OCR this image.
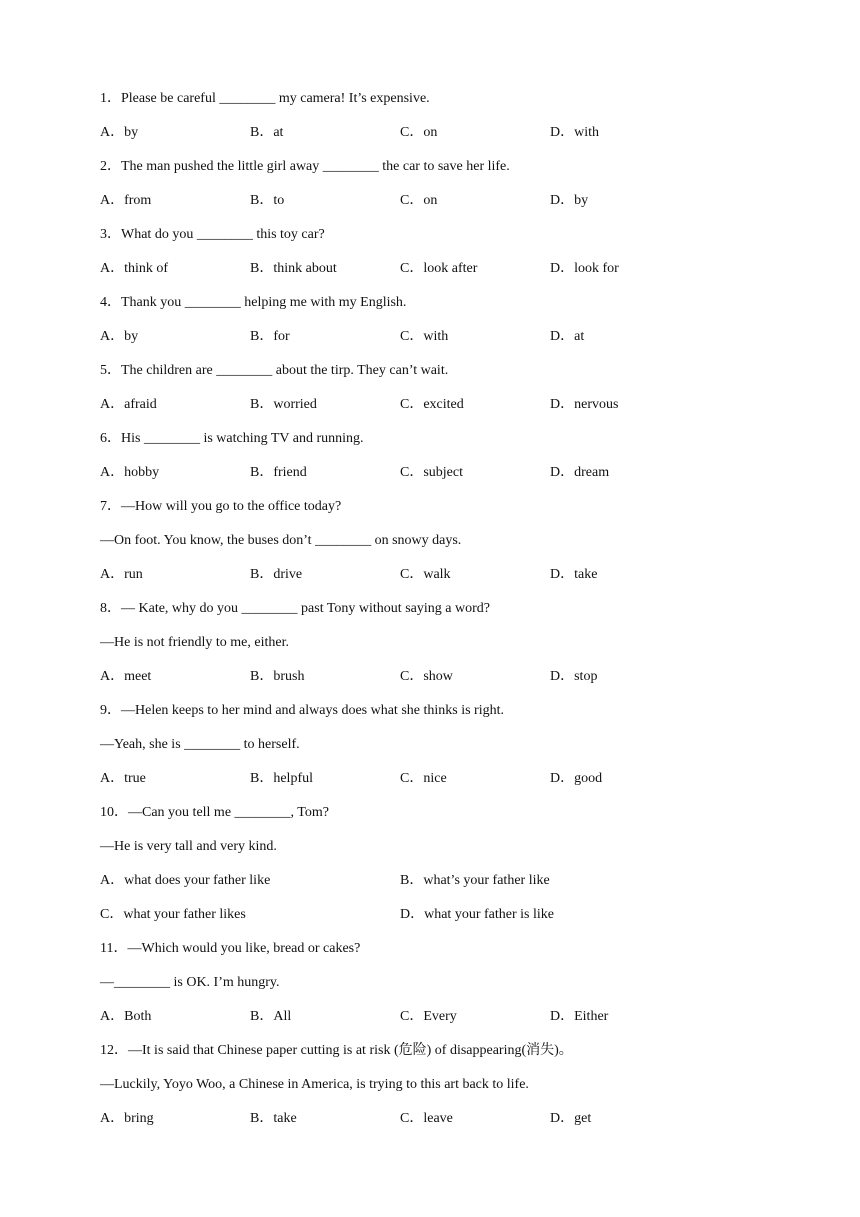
1．Please be careful ________ my camera! It’s expensive.
A．by	B．at	C．on	D．with
2．The man pushed the little girl away ________ the car to save her life.
A．from	B．to	C．on	D．by
3．What do you ________ this toy car?
A．think of	B．think about	C．look after	D．look for
4．Thank you ________ helping me with my English.
A．by	B．for	C．with	D．at
5．The children are ________ about the tirp. They can’t wait.
A．afraid	B．worried	C．excited	D．nervous
6．His ________ is watching TV and running.
A．hobby	B．friend	C．subject	D．dream
7．—How will you go to the office today?
—On foot. You know, the buses don’t ________ on snowy days.
A．run	B．drive	C．walk	D．take
8．— Kate, why do you ________ past Tony without saying a word?
—He is not friendly to me, either.
A．meet	B．brush	C．show	D．stop
9．—Helen keeps to her mind and always does what she thinks is right.
—Yeah, she is ________ to herself.
A．true	B．helpful	C．nice	D．good
10．—Can you tell me ________, Tom?
—He is very tall and very kind.
A．what does your father like	B．what’s your father like
C．what your father likes	D．what your father is like
11．—Which would you like, bread or cakes?
—________ is OK. I’m hungry.
A．Both	B．All	C．Every	D．Either
12．—It is said that Chinese paper cutting is at risk (危险) of disappearing(消失)。
—Luckily, Yoyo Woo, a Chinese in America, is trying to this art back to life.
A．bring	B．take	C．leave	D．get
